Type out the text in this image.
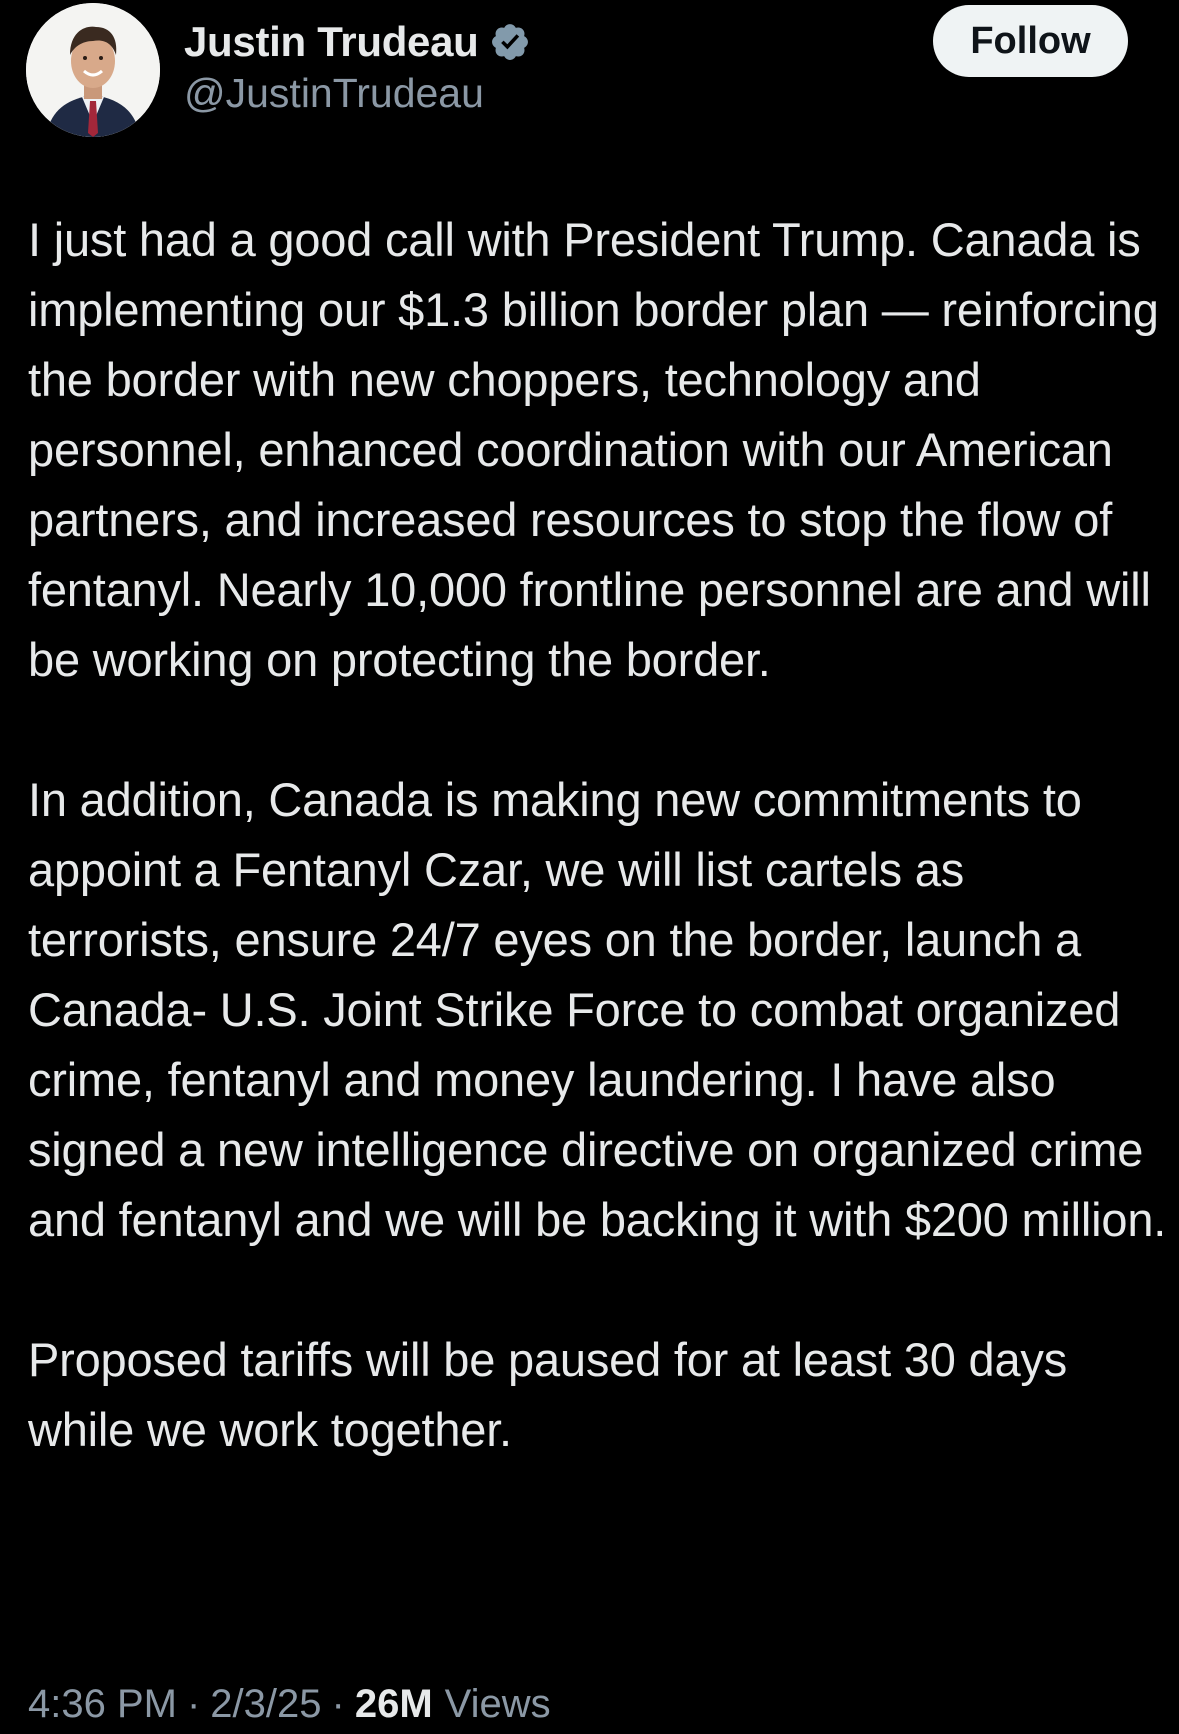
Justin Trudeau
@JustinTrudeau
Follow
I just had a good call with President Trump. Canada is implementing our $1.3 billion border plan — reinforcing the border with new choppers, technology and personnel, enhanced coordination with our American partners, and increased resources to stop the flow of fentanyl. Nearly 10,000 frontline personnel are and will be working on protecting the border.

In addition, Canada is making new commitments to appoint a Fentanyl Czar, we will list cartels as terrorists, ensure 24/7 eyes on the border, launch a Canada- U.S. Joint Strike Force to combat organized crime, fentanyl and money laundering. I have also signed a new intelligence directive on organized crime and fentanyl and we will be backing it with $200 million.

Proposed tariffs will be paused for at least 30 days while we work together.
4:36 PM · 2/3/25 · 26M Views
